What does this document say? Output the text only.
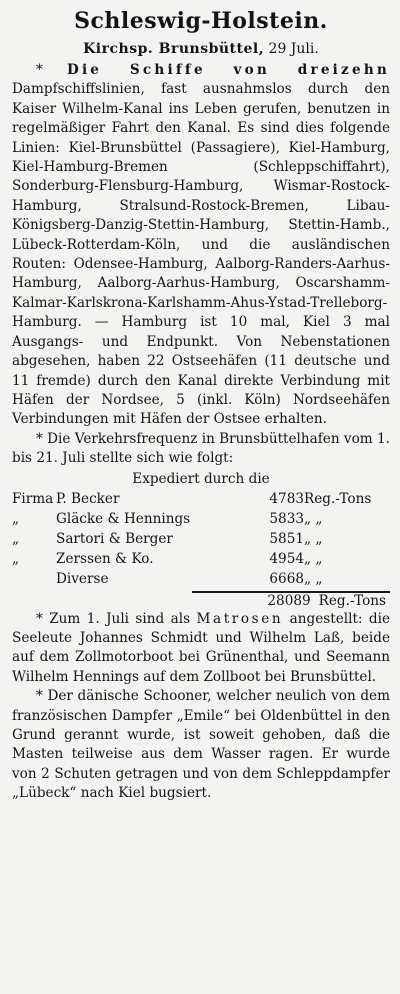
Schleswig-Holstein.
Kirchsp. Brunsbüttel, 29 Juli.

* Die Schiffe von dreizehn Dampfschiffslinien, fast ausnahmslos durch den Kaiser Wilhelm-Kanal ins Leben gerufen, benutzen in regelmäßiger Fahrt den Kanal. Es sind dies folgende Linien: Kiel-Brunsbüttel (Passagiere), Kiel-Hamburg, Kiel-Hamburg-Bremen (Schleppschiffahrt), Sonderburg-Flensburg-Hamburg, Wismar-Rostock-Hamburg, Stralsund-Rostock-Bremen, Libau-Königsberg-Danzig-Stettin-Hamburg, Stettin-Hamb., Lübeck-Rotterdam-Köln, und die ausländischen Routen: Odensee-Hamburg, Aalborg-Randers-Aarhus-Hamburg, Aalborg-Aarhus-Hamburg, Oscarshamm-Kalmar-Karlskrona-Karlshamm-Ahus-Ystad-Trelleborg-Hamburg. — Hamburg ist 10 mal, Kiel 3 mal Ausgangs- und Endpunkt. Von Nebenstationen abgesehen, haben 22 Ostseehäfen (11 deutsche und 11 fremde) durch den Kanal direkte Verbindung mit Häfen der Nordsee, 5 (inkl. Köln) Nordseehäfen Verbindungen mit Häfen der Ostsee erhalten.

* Die Verkehrsfrequenz in Brunsbüttelhafen vom 1. bis 21. Juli stellte sich wie folgt:

Expediert durch die
Firma	P. Becker	4783	Reg.-Tons
„	Gläcke & Hennings	5833	„ „
„	Sartori & Berger	5851	„ „
„	Zerssen & Ko.	4954	„ „
	Diverse	6668	„ „
28089 Reg.-Tons

* Zum 1. Juli sind als Matrosen angestellt: die Seeleute Johannes Schmidt und Wilhelm Laß, beide auf dem Zollmotorboot bei Grünenthal, und Seemann Wilhelm Hennings auf dem Zollboot bei Brunsbüttel.

* Der dänische Schooner, welcher neulich von dem französischen Dampfer „Emile“ bei Oldenbüttel in den Grund gerannt wurde, ist soweit gehoben, daß die Masten teilweise aus dem Wasser ragen. Er wurde von 2 Schuten getragen und von dem Schleppdampfer „Lübeck“ nach Kiel bugsiert.
